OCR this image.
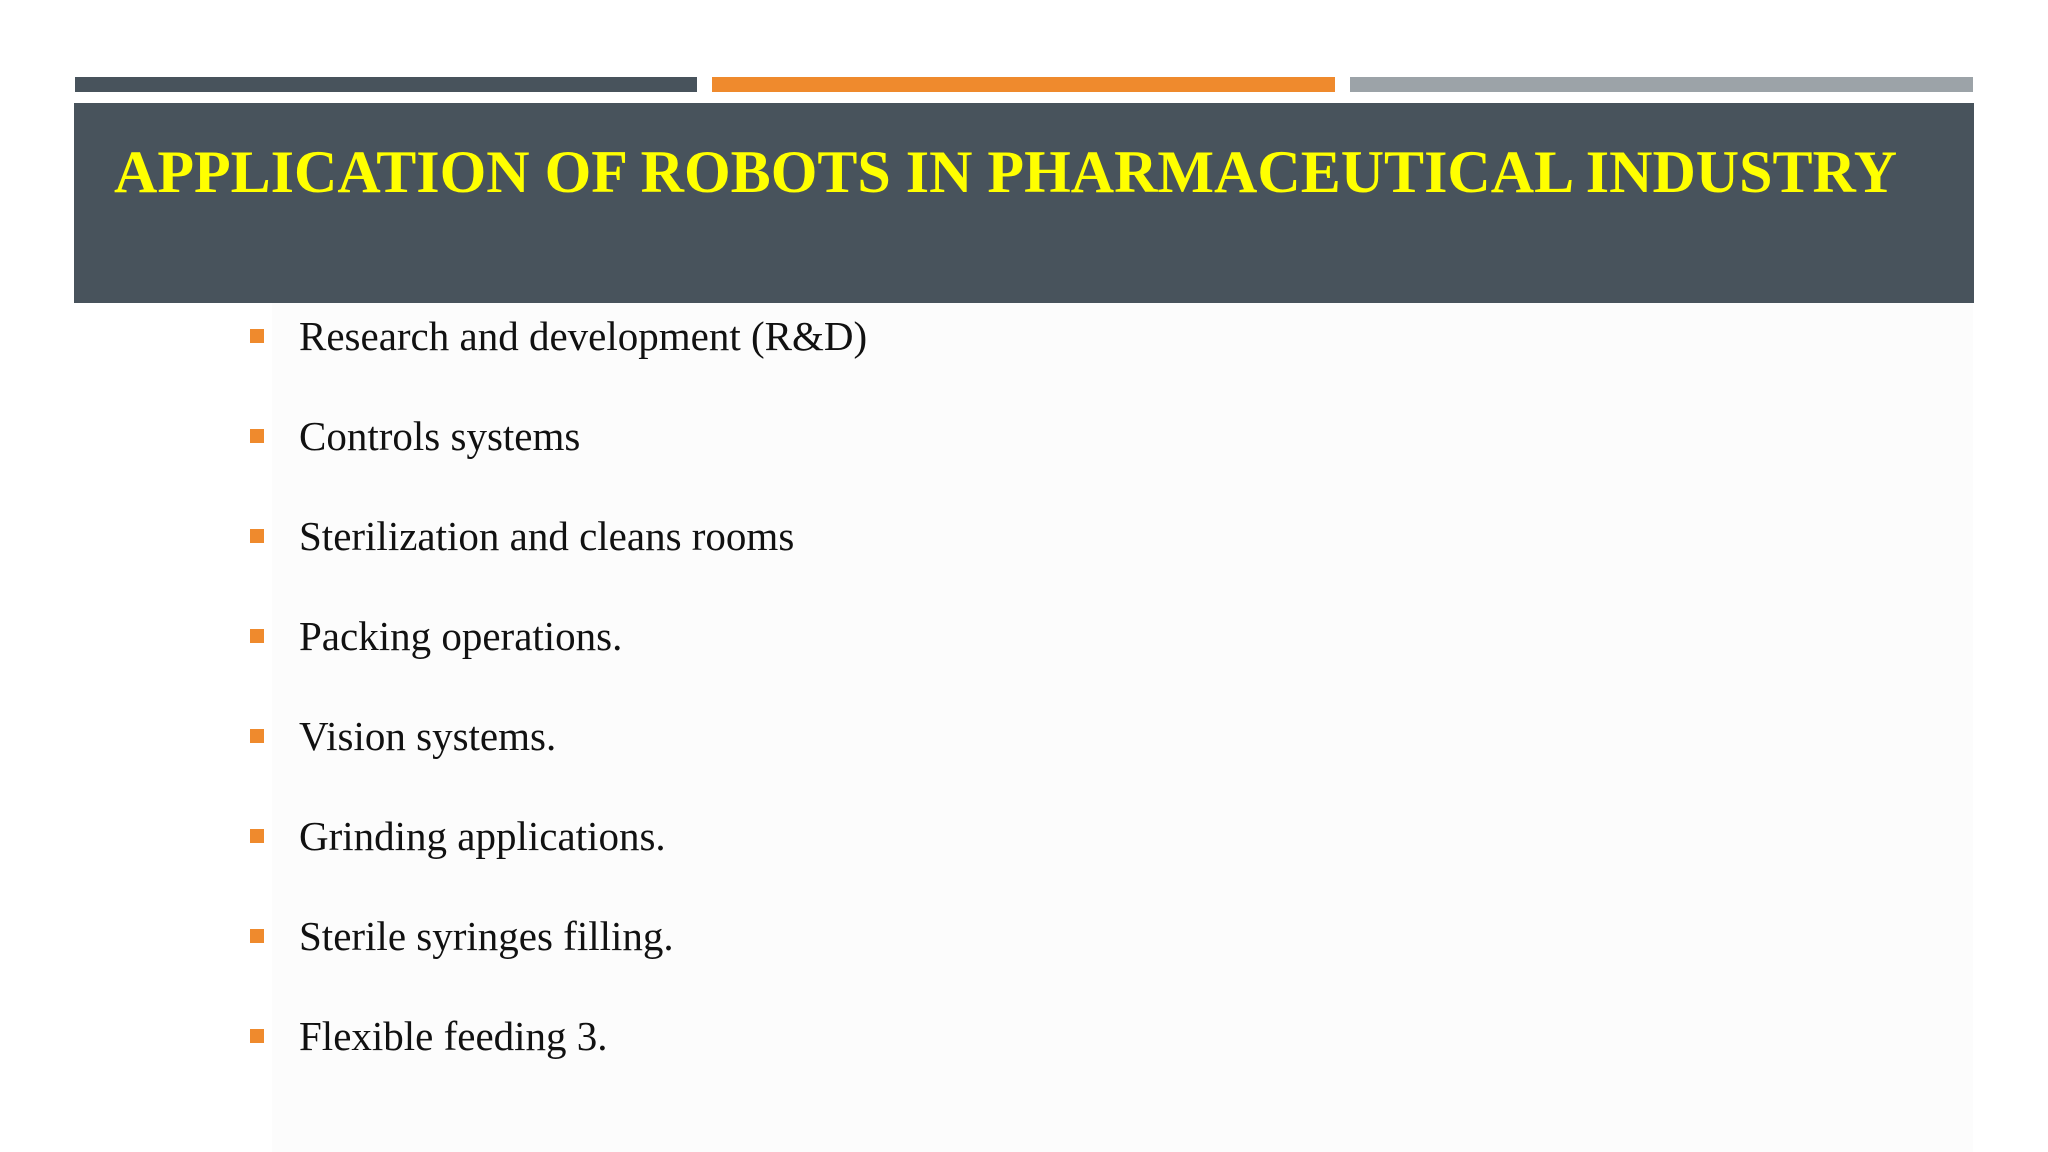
APPLICATION OF ROBOTS IN PHARMACEUTICAL INDUSTRY
Research and development (R&D)
Controls systems
Sterilization and cleans rooms
Packing operations.
Vision systems.
Grinding applications.
Sterile syringes filling.
Flexible feeding 3.
